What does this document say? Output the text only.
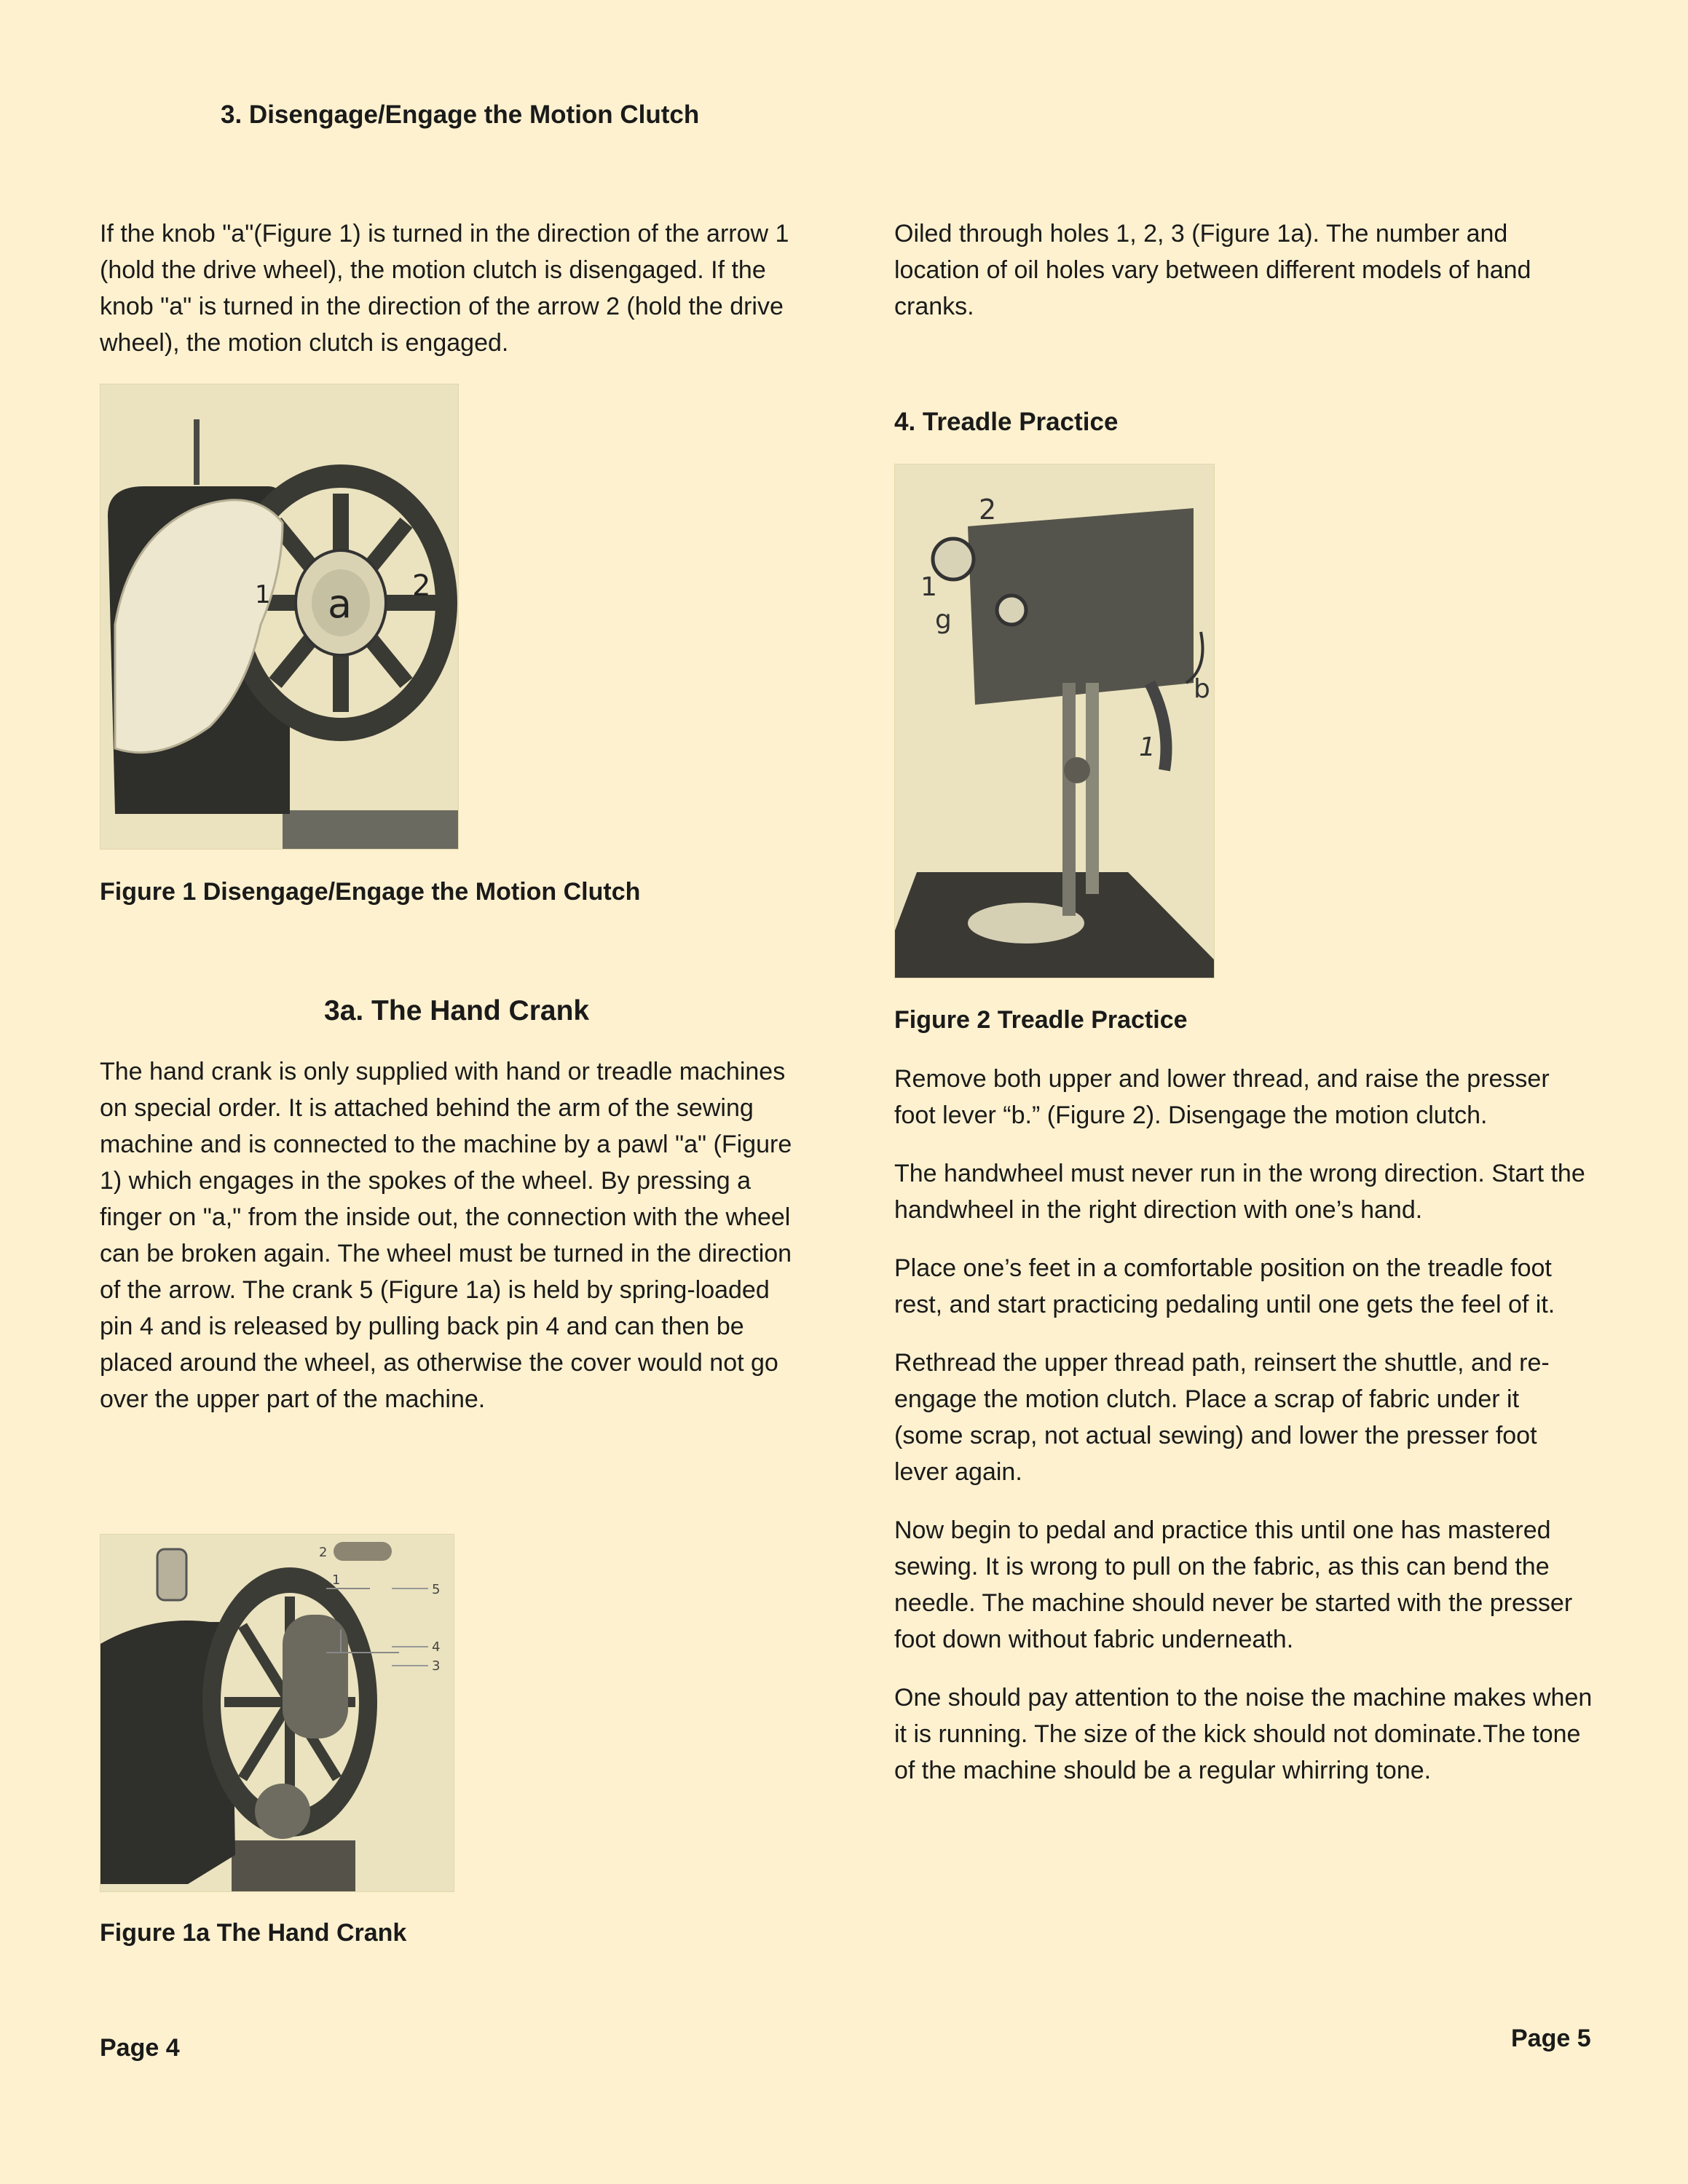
3. Disengage/Engage the Motion Clutch

If the knob "a"(Figure 1) is turned in the direction of the arrow 1 (hold the drive wheel), the motion clutch is disengaged. If the knob "a" is turned in the direction of the arrow 2 (hold the drive wheel), the motion clutch is engaged.

a
1	2
Figure 1 Disengage/Engage the Motion Clutch
3a. The Hand Crank

The hand crank is only supplied with hand or treadle machines on special order. It is attached behind the arm of the sewing machine and is connected to the machine by a pawl "a" (Figure 1) which engages in the spokes of the wheel. By pressing a finger on "a," from the inside out, the connection with the wheel can be broken again. The wheel must be turned in the direction of the arrow. The crank 5 (Figure 1a) is held by spring-loaded pin 4 and is released by pulling back pin 4 and can then be placed around the wheel, as otherwise the cover would not go over the upper part of the machine.

2
1
5
4
3
Figure 1a The Hand Crank
Page 4

Oiled through holes 1, 2, 3 (Figure 1a). The number and location of oil holes vary between different models of hand cranks.

4. Treadle Practice
2
1
g
b
1
Figure 2 Treadle Practice

Remove both upper and lower thread, and raise the presser foot lever “b.” (Figure 2). Disengage the motion clutch.

The handwheel must never run in the wrong direction. Start the handwheel in the right direction with one’s hand.

Place one’s feet in a comfortable position on the treadle foot rest, and start practicing pedaling until one gets the feel of it.

Rethread the upper thread path, reinsert the shuttle, and re-engage the motion clutch. Place a scrap of fabric under it (some scrap, not actual sewing) and lower the presser foot lever again.

Now begin to pedal and practice this until one has mastered sewing. It is wrong to pull on the fabric, as this can bend the needle. The machine should never be started with the presser foot down without fabric underneath.

One should pay attention to the noise the machine makes when it is running. The size of the kick should not dominate.The tone of the machine should be a regular whirring tone.

Page 5
